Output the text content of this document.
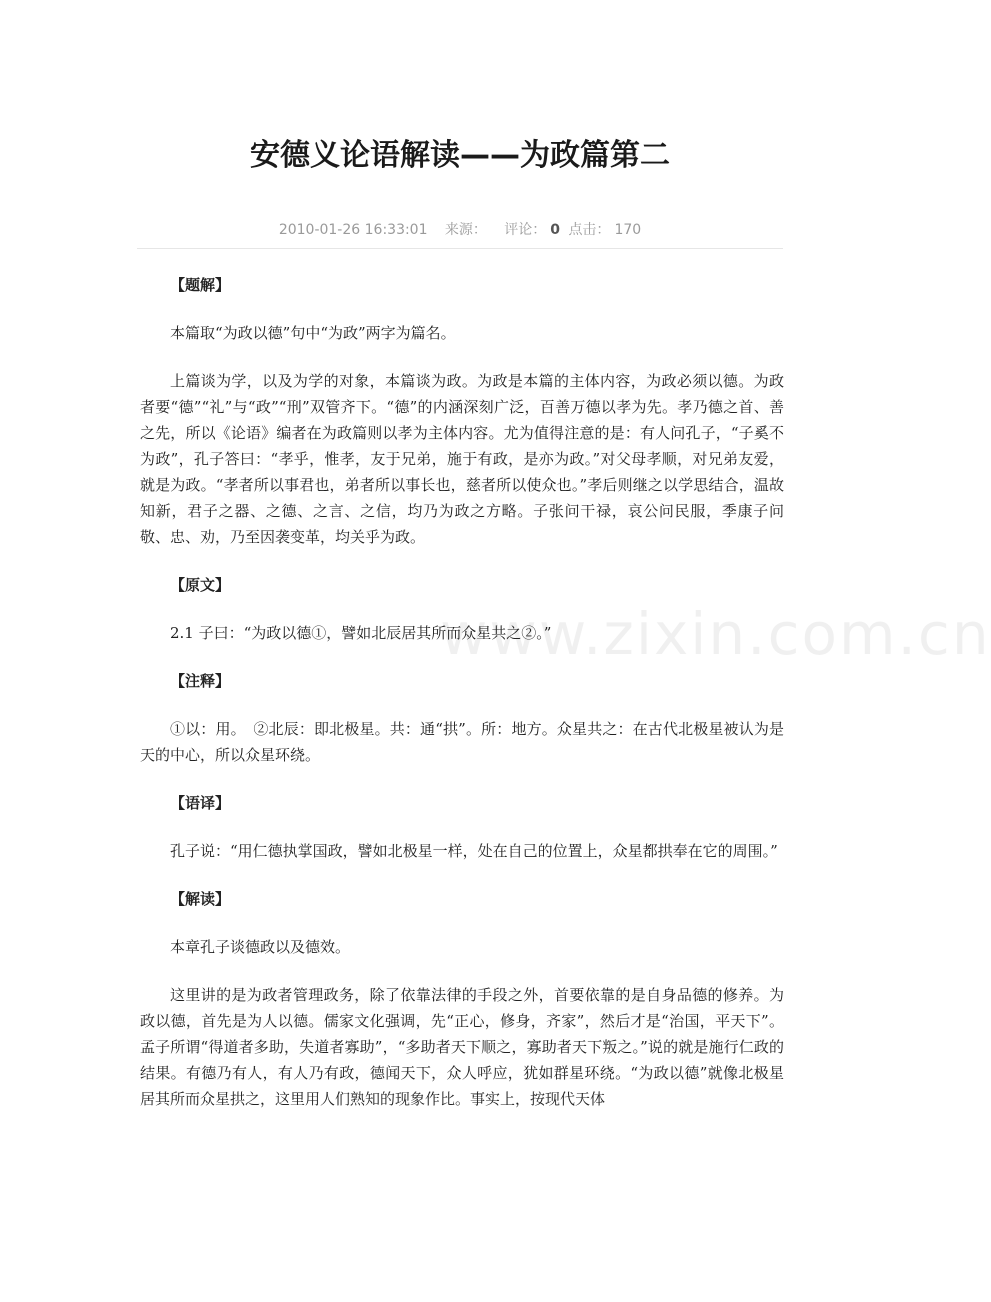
安德义论语解读——为政篇第二
2010-01-26 16:33:01 来源： 评论： 0 点击： 170
www.zixin.com.cn

【题解】

本篇取“为政以德”句中“为政”两字为篇名。

上篇谈为学，以及为学的对象，本篇谈为政。为政是本篇的主体内容，为政必须以德。为政者要“德”“礼”与“政”“刑”双管齐下。“德”的内涵深刻广泛，百善万德以孝为先。孝乃德之首、善之先，所以《论语》编者在为政篇则以孝为主体内容。尤为值得注意的是：有人问孔子，“子奚不为政”，孔子答曰：“孝乎，惟孝，友于兄弟，施于有政，是亦为政。”对父母孝顺，对兄弟友爱，就是为政。“孝者所以事君也，弟者所以事长也，慈者所以使众也。”孝后则继之以学思结合，温故知新，君子之器、之德、之言、之信，均乃为政之方略。子张问干禄，哀公问民服，季康子问敬、忠、劝，乃至因袭变革，均关乎为政。

【原文】

2.1 子曰：“为政以德①，譬如北辰居其所而众星共之②。”

【注释】

①以：用。　②北辰：即北极星。共：通“拱”。所：地方。众星共之：在古代北极星被认为是天的中心，所以众星环绕。

【语译】

孔子说：“用仁德执掌国政，譬如北极星一样，处在自己的位置上，众星都拱奉在它的周围。”

【解读】

本章孔子谈德政以及德效。

这里讲的是为政者管理政务，除了依靠法律的手段之外，首要依靠的是自身品德的修养。为政以德，首先是为人以德。儒家文化强调，先“正心，修身，齐家”，然后才是“治国，平天下”。孟子所谓“得道者多助，失道者寡助”，“多助者天下顺之，寡助者天下叛之。”说的就是施行仁政的结果。有德乃有人，有人乃有政，德闻天下，众人呼应，犹如群星环绕。“为政以德”就像北极星居其所而众星拱之，这里用人们熟知的现象作比。事实上，按现代天体
